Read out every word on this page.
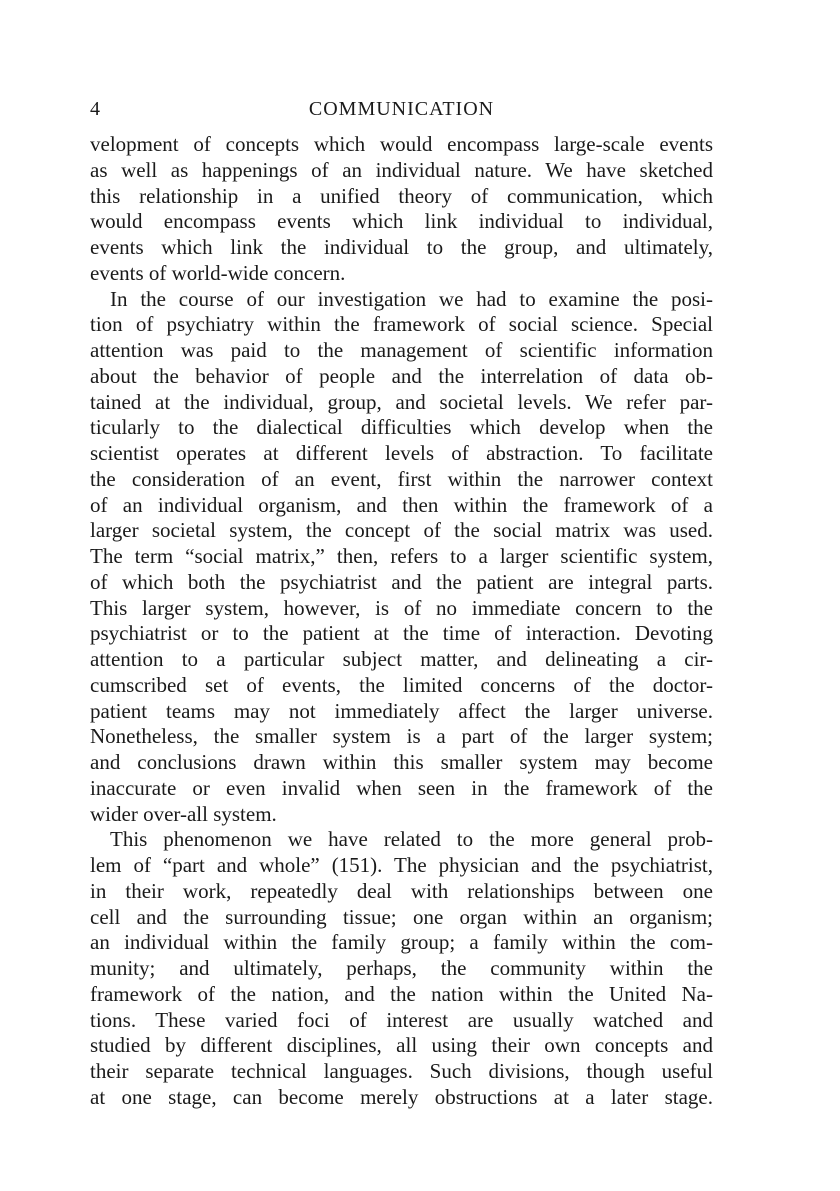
4	COMMUNICATION
velopment of concepts which would encompass large-scale events
as well as happenings of an individual nature. We have sketched
this relationship in a unified theory of communication, which
would encompass events which link individual to individual,
events which link the individual to the group, and ultimately,
events of world-wide concern.
In the course of our investigation we had to examine the posi-
tion of psychiatry within the framework of social science. Special
attention was paid to the management of scientific information
about the behavior of people and the interrelation of data ob-
tained at the individual, group, and societal levels. We refer par-
ticularly to the dialectical difficulties which develop when the
scientist operates at different levels of abstraction. To facilitate
the consideration of an event, first within the narrower context
of an individual organism, and then within the framework of a
larger societal system, the concept of the social matrix was used.
The term “social matrix,” then, refers to a larger scientific system,
of which both the psychiatrist and the patient are integral parts.
This larger system, however, is of no immediate concern to the
psychiatrist or to the patient at the time of interaction. Devoting
attention to a particular subject matter, and delineating a cir-
cumscribed set of events, the limited concerns of the doctor-
patient teams may not immediately affect the larger universe.
Nonetheless, the smaller system is a part of the larger system;
and conclusions drawn within this smaller system may become
inaccurate or even invalid when seen in the framework of the
wider over-all system.
This phenomenon we have related to the more general prob-
lem of “part and whole” (151). The physician and the psychiatrist,
in their work, repeatedly deal with relationships between one
cell and the surrounding tissue; one organ within an organism;
an individual within the family group; a family within the com-
munity; and ultimately, perhaps, the community within the
framework of the nation, and the nation within the United Na-
tions. These varied foci of interest are usually watched and
studied by different disciplines, all using their own concepts and
their separate technical languages. Such divisions, though useful
at one stage, can become merely obstructions at a later stage.
